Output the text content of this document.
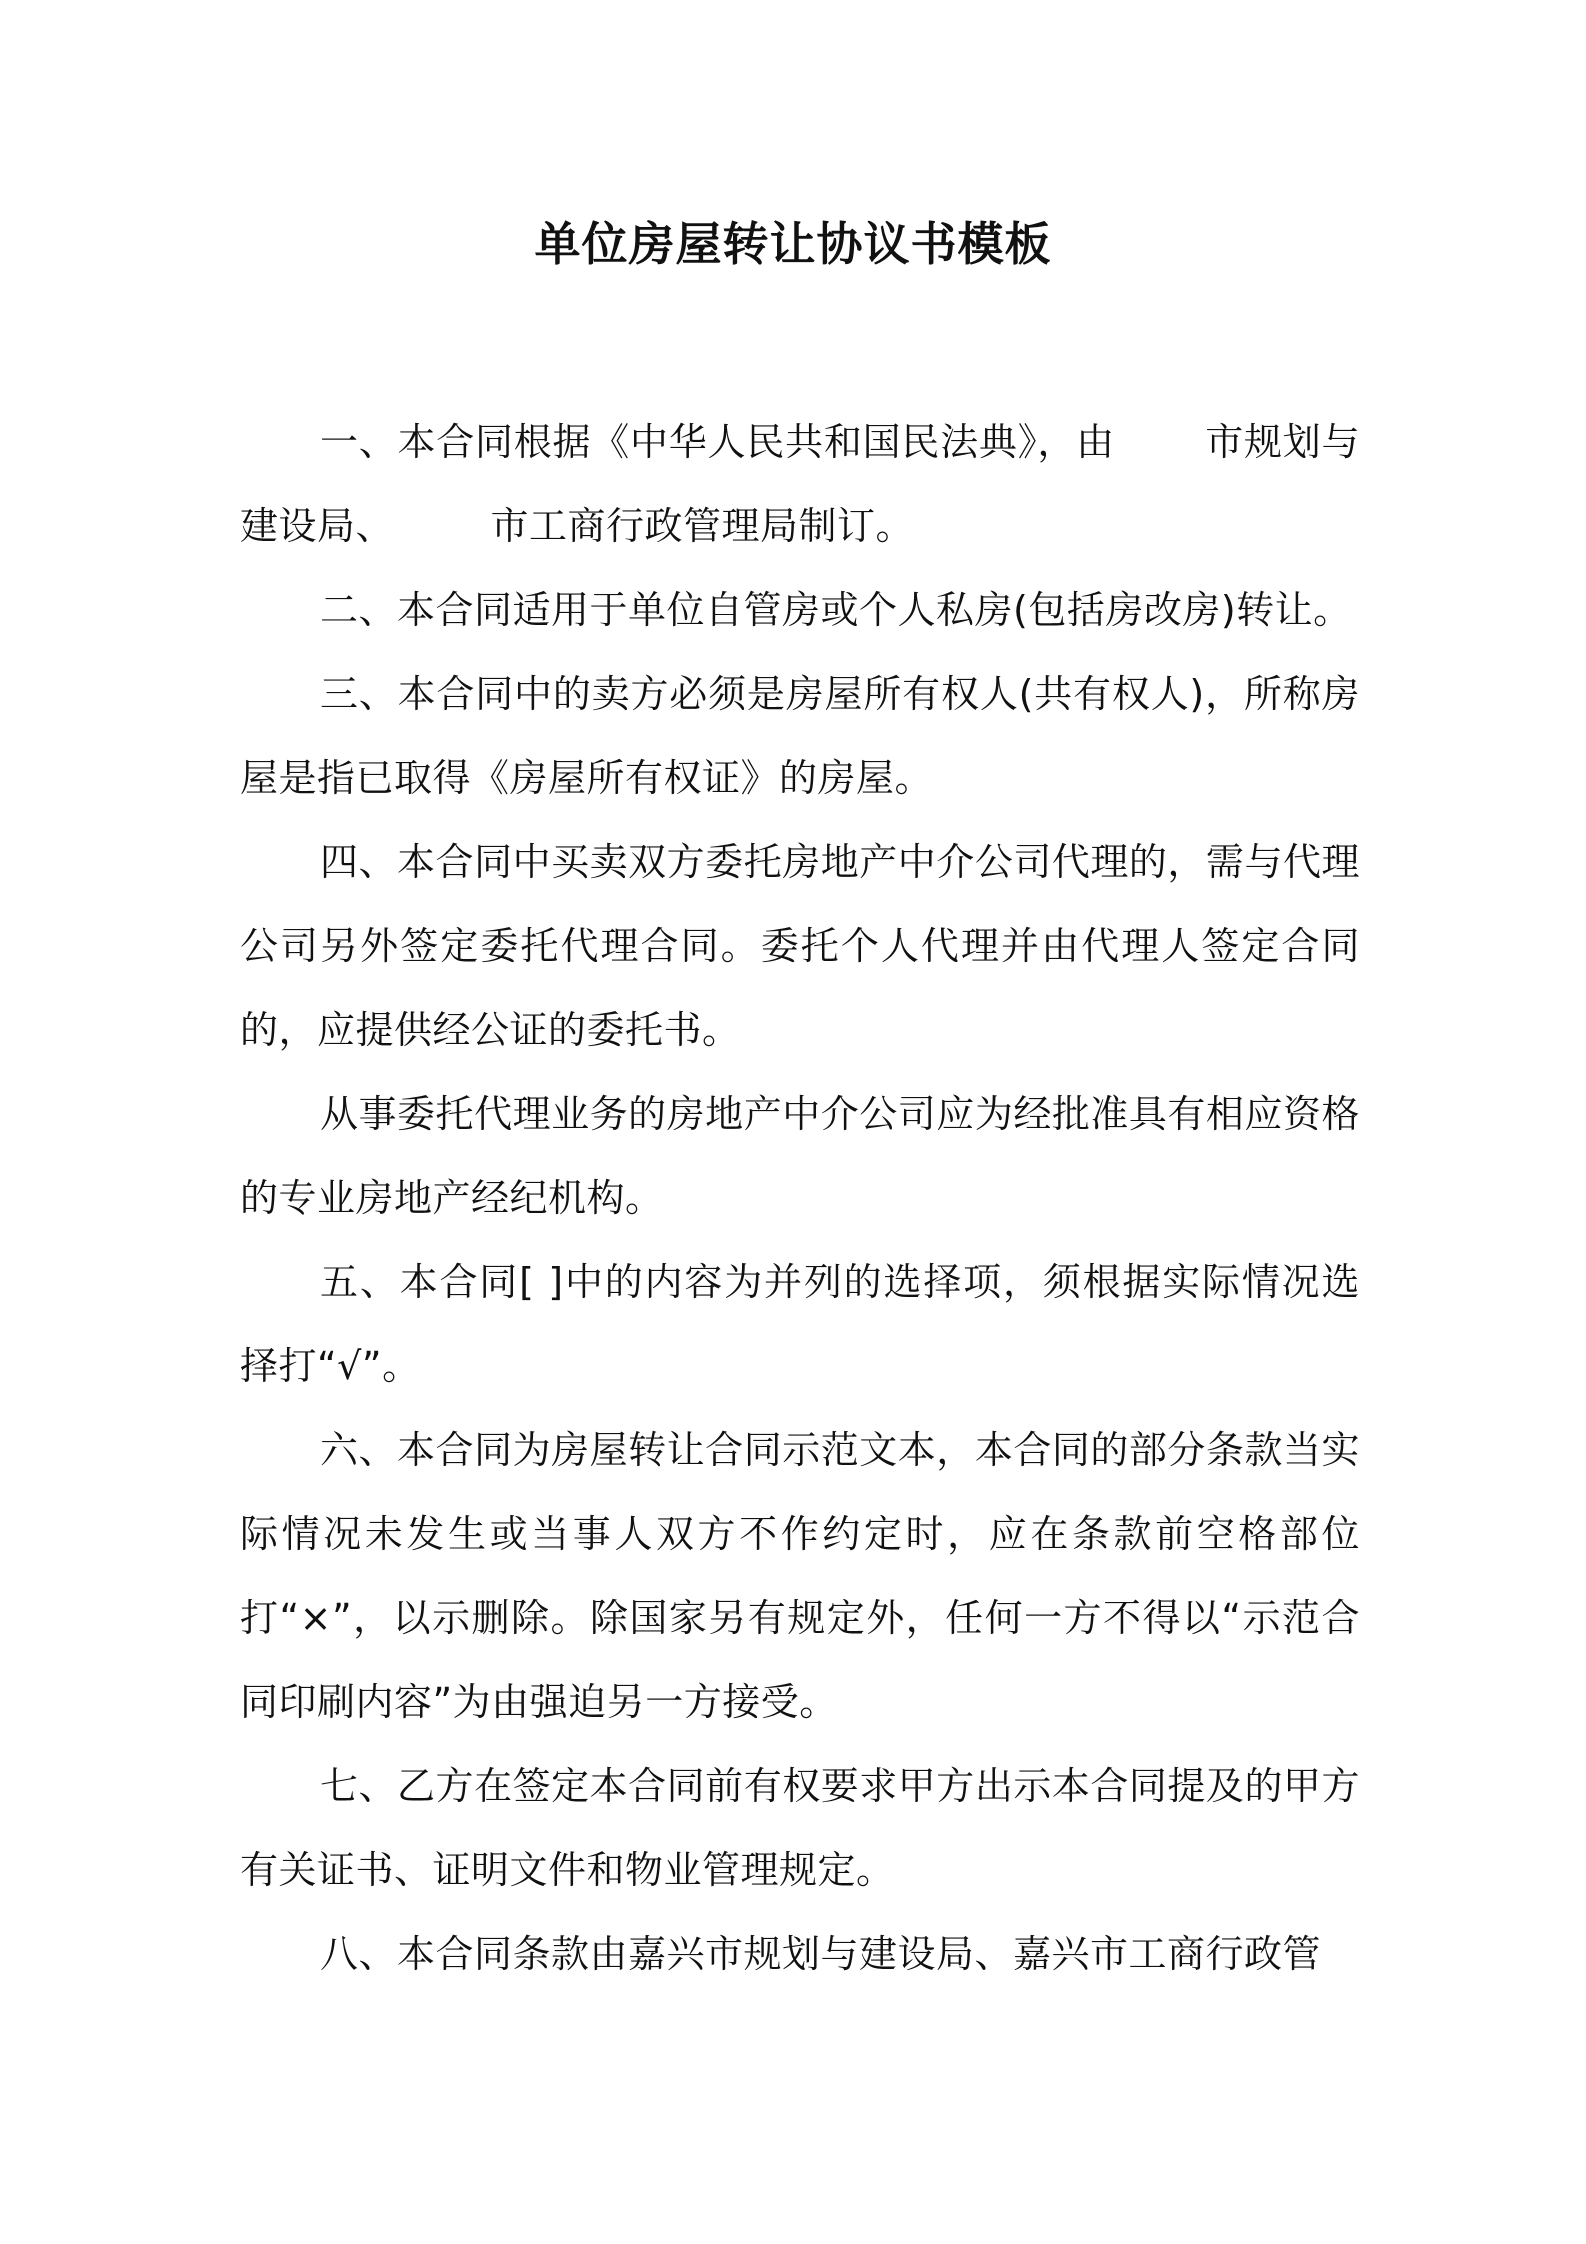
单位房屋转让协议书模板

一、本合同根据《中华人民共和国民法典》，由　　 市规划与建设局、　　　市工商行政管理局制订。

二、本合同适用于单位自管房或个人私房(包括房改房)转让。

三、本合同中的卖方必须是房屋所有权人(共有权人)，所称房屋是指已取得《房屋所有权证》的房屋。

四、本合同中买卖双方委托房地产中介公司代理的，需与代理公司另外签定委托代理合同。委托个人代理并由代理人签定合同的，应提供经公证的委托书。

从事委托代理业务的房地产中介公司应为经批准具有相应资格的专业房地产经纪机构。

五、本合同[ ]中的内容为并列的选择项，须根据实际情况选择打“√”。

六、本合同为房屋转让合同示范文本，本合同的部分条款当实际情况未发生或当事人双方不作约定时，应在条款前空格部位打“×”，以示删除。除国家另有规定外，任何一方不得以“示范合同印刷内容”为由强迫另一方接受。

七、乙方在签定本合同前有权要求甲方出示本合同提及的甲方有关证书、证明文件和物业管理规定。

八、本合同条款由嘉兴市规划与建设局、嘉兴市工商行政管
